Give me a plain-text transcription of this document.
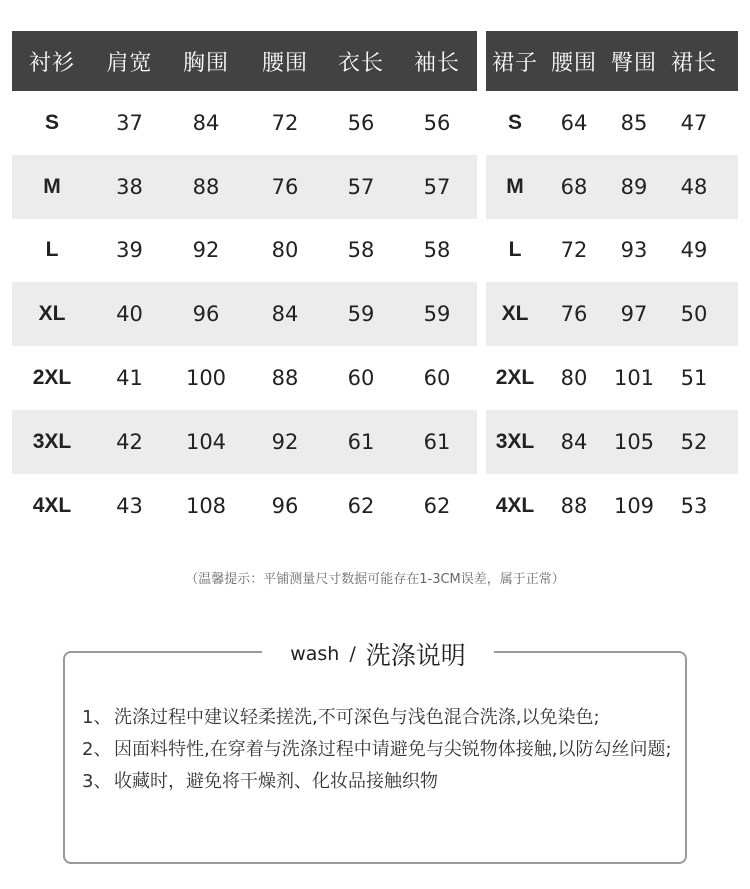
衬衫	肩宽	胸围	腰围	衣长	袖长
S	37	84	72	56	56
M	38	88	76	57	57
L	39	92	80	58	58
XL	40	96	84	59	59
2XL	41	100	88	60	60
3XL	42	104	92	61	61
4XL	43	108	96	62	62
裙子 腰围 臀围 裙长
S	64	85	47
M	68	89	48
L	72	93	49
XL	76	97	50
2XL	80	101	51
3XL	84	105	52
4XL	88	109	53
（温馨提示：平铺测量尺寸数据可能存在1-3CM误差，属于正常）
wash / 洗涤说明
1、 洗涤过程中建议轻柔搓洗,不可深色与浅色混合洗涤,以免染色;
2、 因面料特性,在穿着与洗涤过程中请避免与尖锐物体接触,以防勾丝问题;
3、 收藏时，避免将干燥剂、化妆品接触织物
